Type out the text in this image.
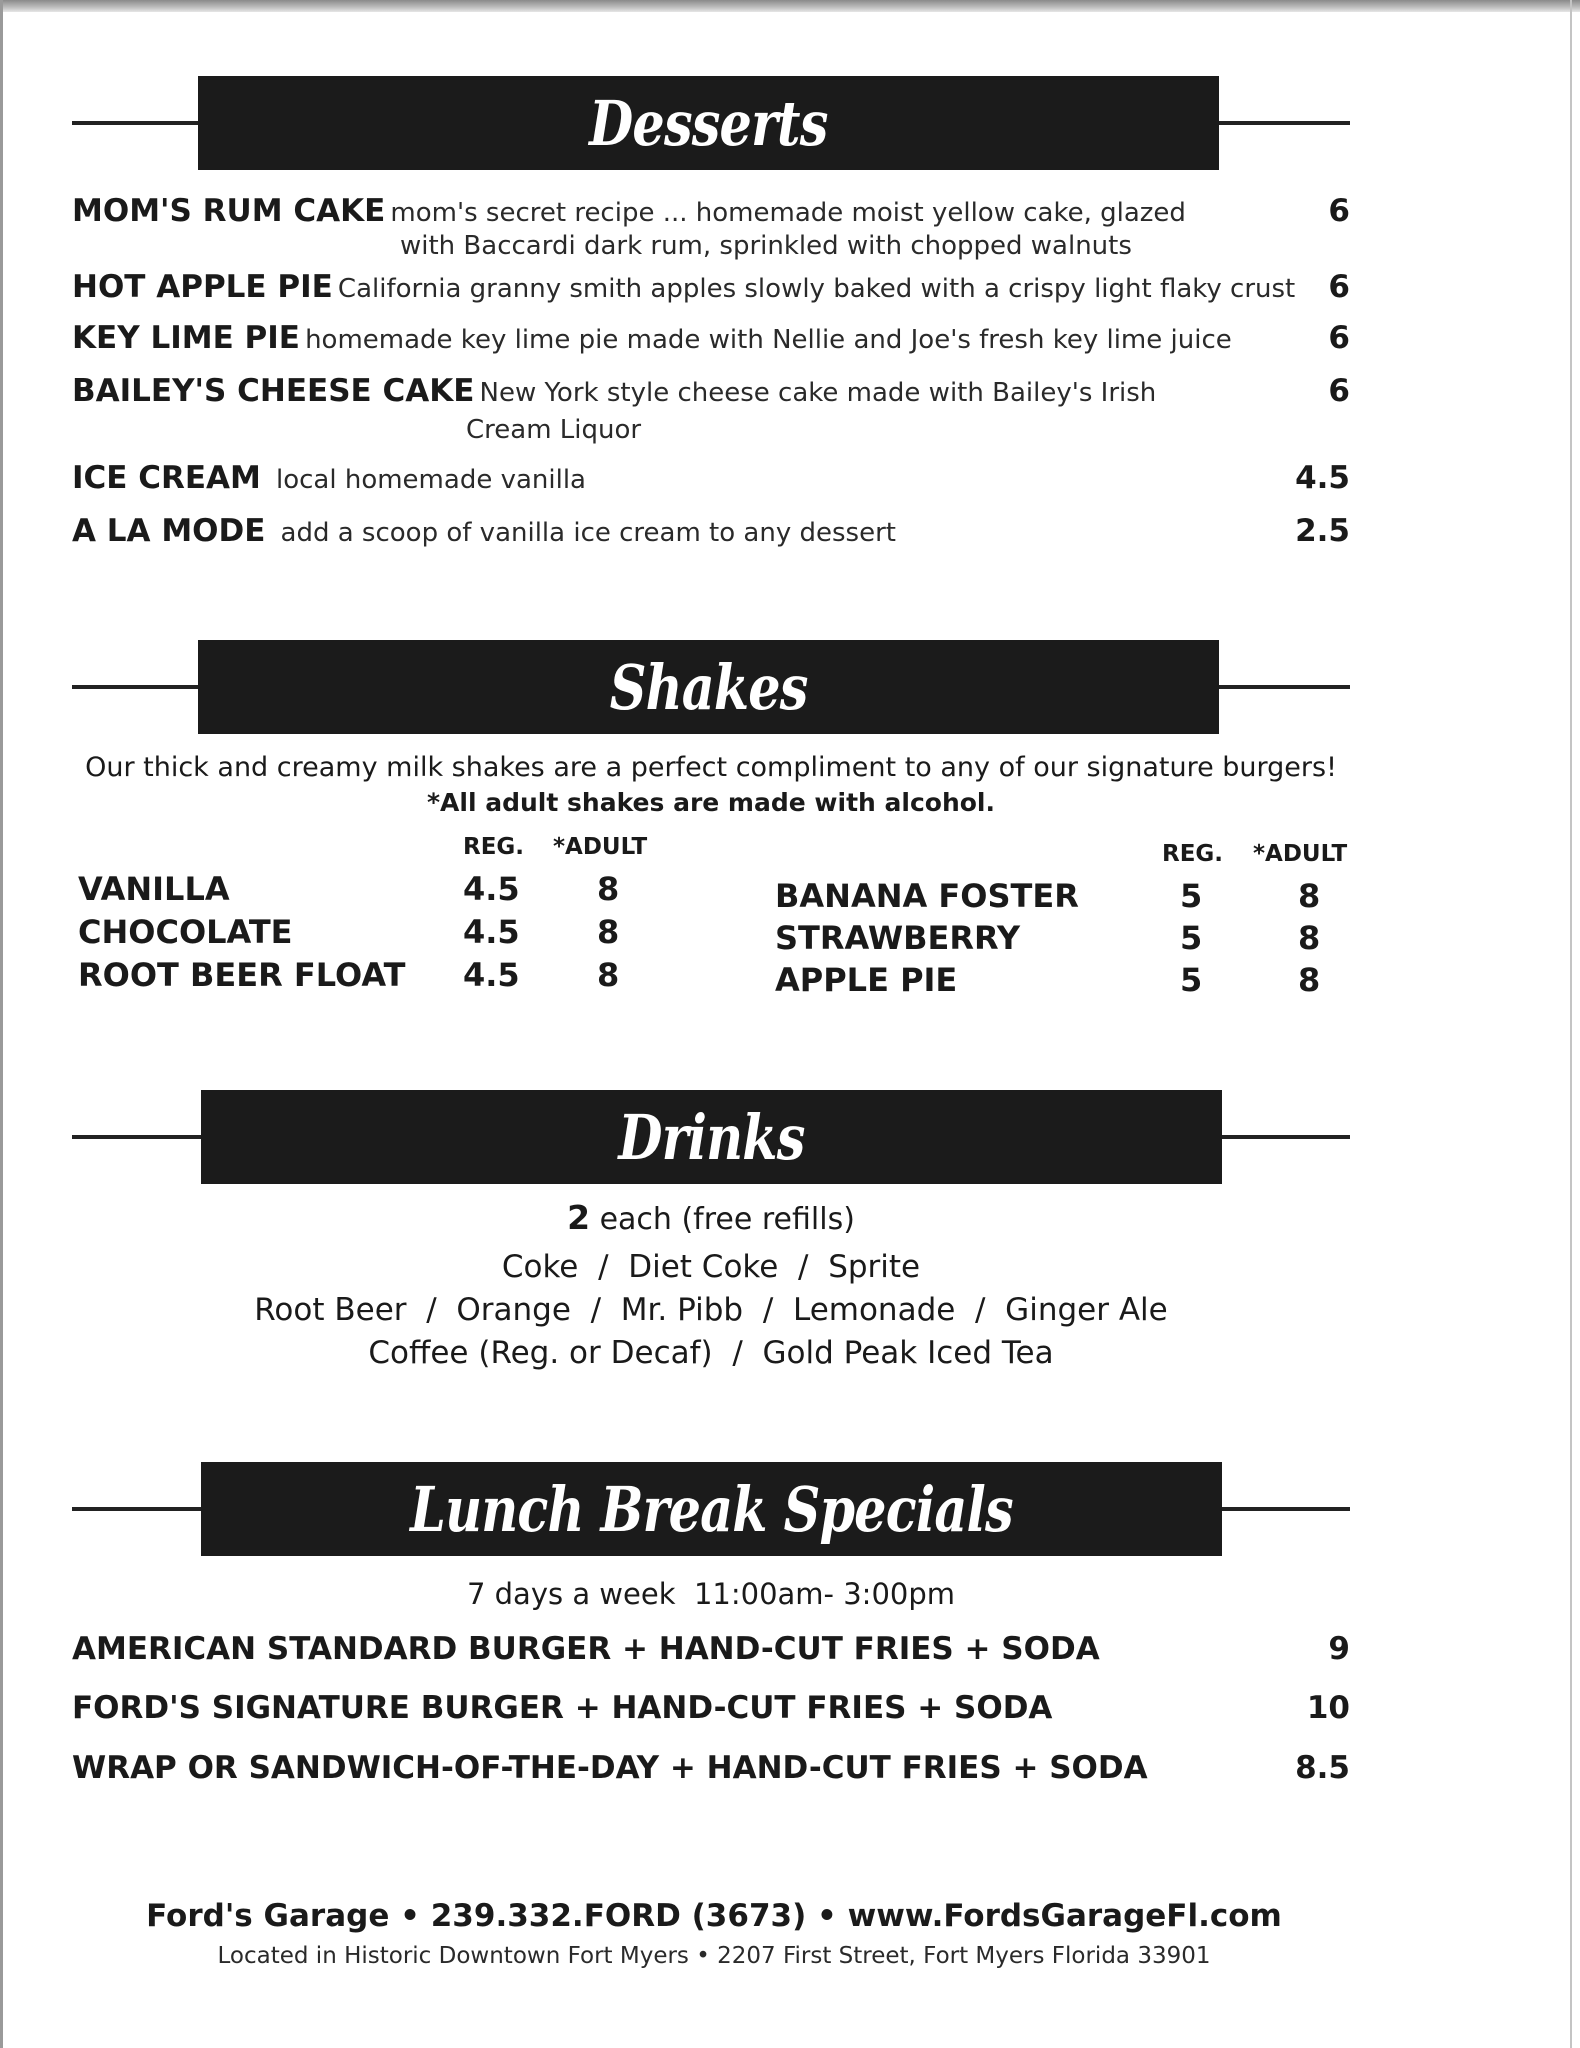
Desserts
MOM'S RUM CAKE mom's secret recipe ... homemade moist yellow cake, glazed	6
with Baccardi dark rum, sprinkled with chopped walnuts
HOT APPLE PIE California granny smith apples slowly baked with a crispy light flaky crust 6
KEY LIME PIE homemade key lime pie made with Nellie and Joe's fresh key lime juice	6
BAILEY'S CHEESE CAKE New York style cheese cake made with Bailey's Irish	6
Cream Liquor
ICE CREAM local homemade vanilla	4.5
A LA MODE add a scoop of vanilla ice cream to any dessert	2.5
Shakes
Our thick and creamy milk shakes are a perfect compliment to any of our signature burgers!
*All adult shakes are made with alcohol.
REG. *ADULT	REG. *ADULT
VANILLA	4.5 8
CHOCOLATE	4.5 8
ROOT BEER FLOAT 4.5 8
BANANA FOSTER	5	8
STRAWBERRY	5	8
APPLE PIE	5	8
Drinks
2 each (free refills)
Coke  /  Diet Coke  /  Sprite
Root Beer  /  Orange  /  Mr. Pibb  /  Lemonade  /  Ginger Ale
Coffee (Reg. or Decaf)  /  Gold Peak Iced Tea
Lunch Break Specials
7 days a week  11:00am- 3:00pm
AMERICAN STANDARD BURGER + HAND-CUT FRIES + SODA	9
FORD'S SIGNATURE BURGER + HAND-CUT FRIES + SODA	10
WRAP OR SANDWICH-OF-THE-DAY + HAND-CUT FRIES + SODA	8.5
Ford's Garage • 239.332.FORD (3673) • www.FordsGarageFl.com
Located in Historic Downtown Fort Myers • 2207 First Street, Fort Myers Florida 33901
